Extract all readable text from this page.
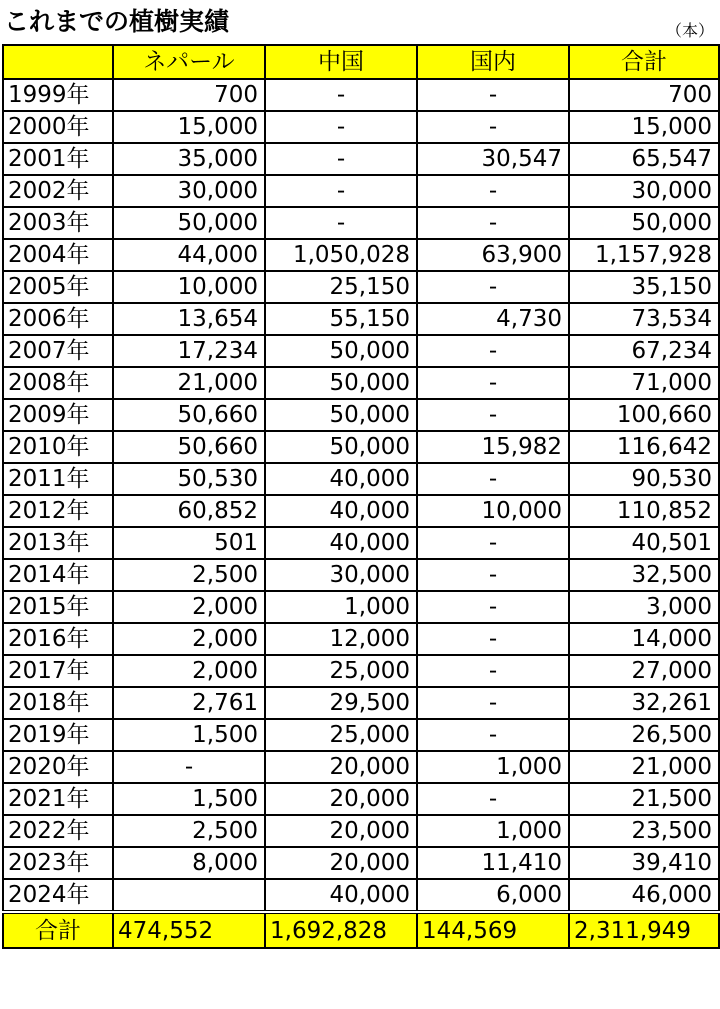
これまでの植樹実績	（本）
	ネパール	中国	国内	合計
1999年	700	-	-	700
2000年	15,000	-	-	15,000
2001年	35,000	-	30,547	65,547
2002年	30,000	-	-	30,000
2003年	50,000	-	-	50,000
2004年	44,000	1,050,028	63,900	1,157,928
2005年	10,000	25,150	-	35,150
2006年	13,654	55,150	4,730	73,534
2007年	17,234	50,000	-	67,234
2008年	21,000	50,000	-	71,000
2009年	50,660	50,000	-	100,660
2010年	50,660	50,000	15,982	116,642
2011年	50,530	40,000	-	90,530
2012年	60,852	40,000	10,000	110,852
2013年	501	40,000	-	40,501
2014年	2,500	30,000	-	32,500
2015年	2,000	1,000	-	3,000
2016年	2,000	12,000	-	14,000
2017年	2,000	25,000	-	27,000
2018年	2,761	29,500	-	32,261
2019年	1,500	25,000	-	26,500
2020年	-	20,000	1,000	21,000
2021年	1,500	20,000	-	21,500
2022年	2,500	20,000	1,000	23,500
2023年	8,000	20,000	11,410	39,410
2024年		40,000	6,000	46,000
合計	474,552	1,692,828	144,569	2,311,949
